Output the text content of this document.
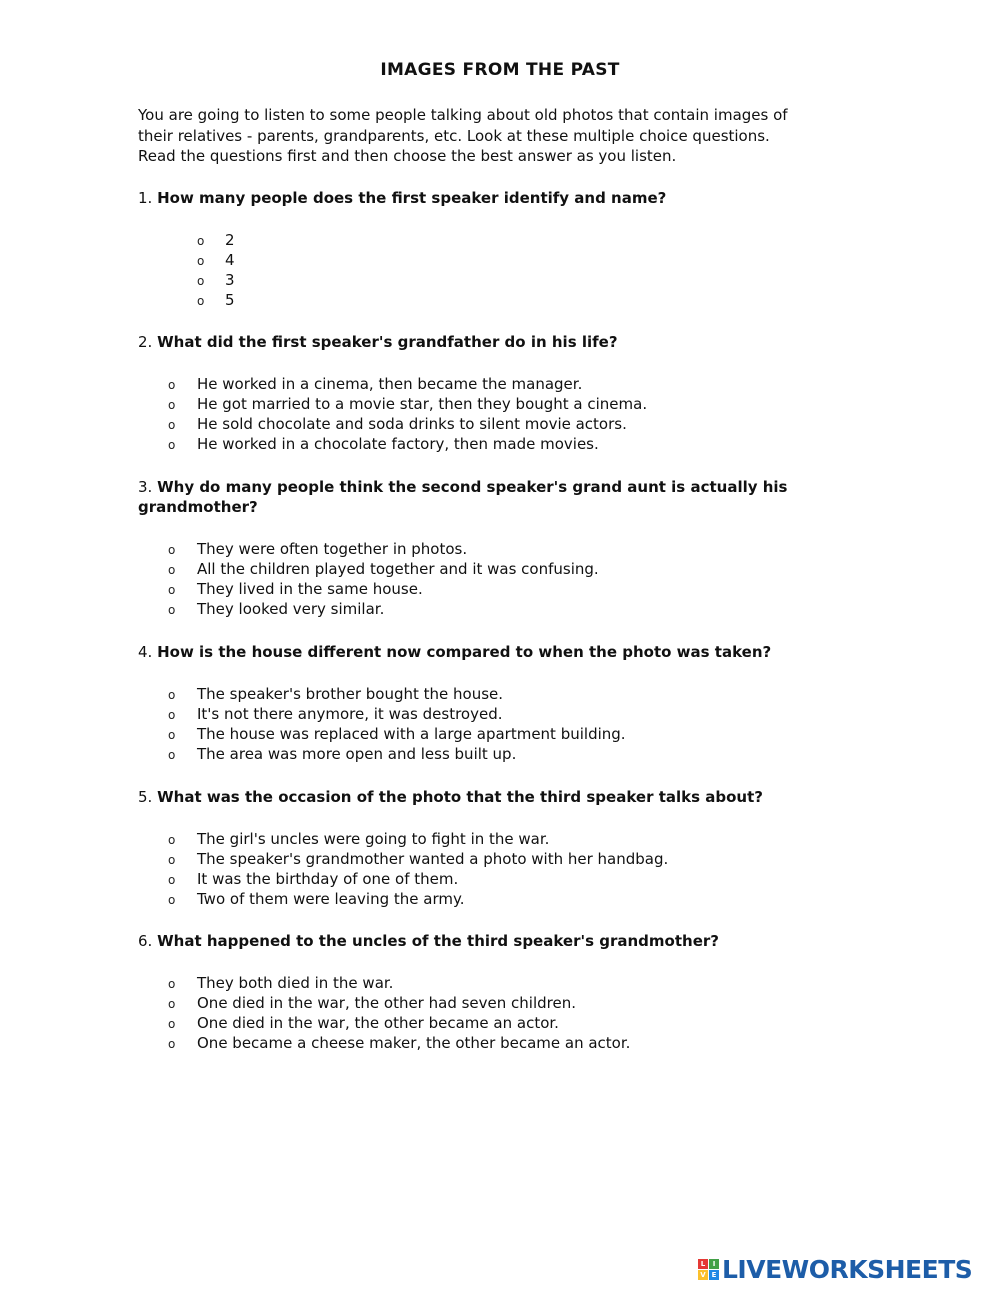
IMAGES FROM THE PAST
You are going to listen to some people talking about old photos that contain images of
their relatives - parents, grandparents, etc. Look at these multiple choice questions.
Read the questions first and then choose the best answer as you listen.
1. How many people does the first speaker identify and name?
o 2
o 4
o 3
o 5
2. What did the first speaker's grandfather do in his life?
o He worked in a cinema, then became the manager.
o He got married to a movie star, then they bought a cinema.
o He sold chocolate and soda drinks to silent movie actors.
o He worked in a chocolate factory, then made movies.
3. Why do many people think the second speaker's grand aunt is actually his
grandmother?
o They were often together in photos.
o All the children played together and it was confusing.
o They lived in the same house.
o They looked very similar.
4. How is the house different now compared to when the photo was taken?
o The speaker's brother bought the house.
o It's not there anymore, it was destroyed.
o The house was replaced with a large apartment building.
o The area was more open and less built up.
5. What was the occasion of the photo that the third speaker talks about?
o The girl's uncles were going to fight in the war.
o The speaker's grandmother wanted a photo with her handbag.
o It was the birthday of one of them.
o Two of them were leaving the army.
6. What happened to the uncles of the third speaker's grandmother?
o They both died in the war.
o One died in the war, the other had seven children.
o One died in the war, the other became an actor.
o One became a cheese maker, the other became an actor.
L	I
V E LIVEWORKSHEETS
